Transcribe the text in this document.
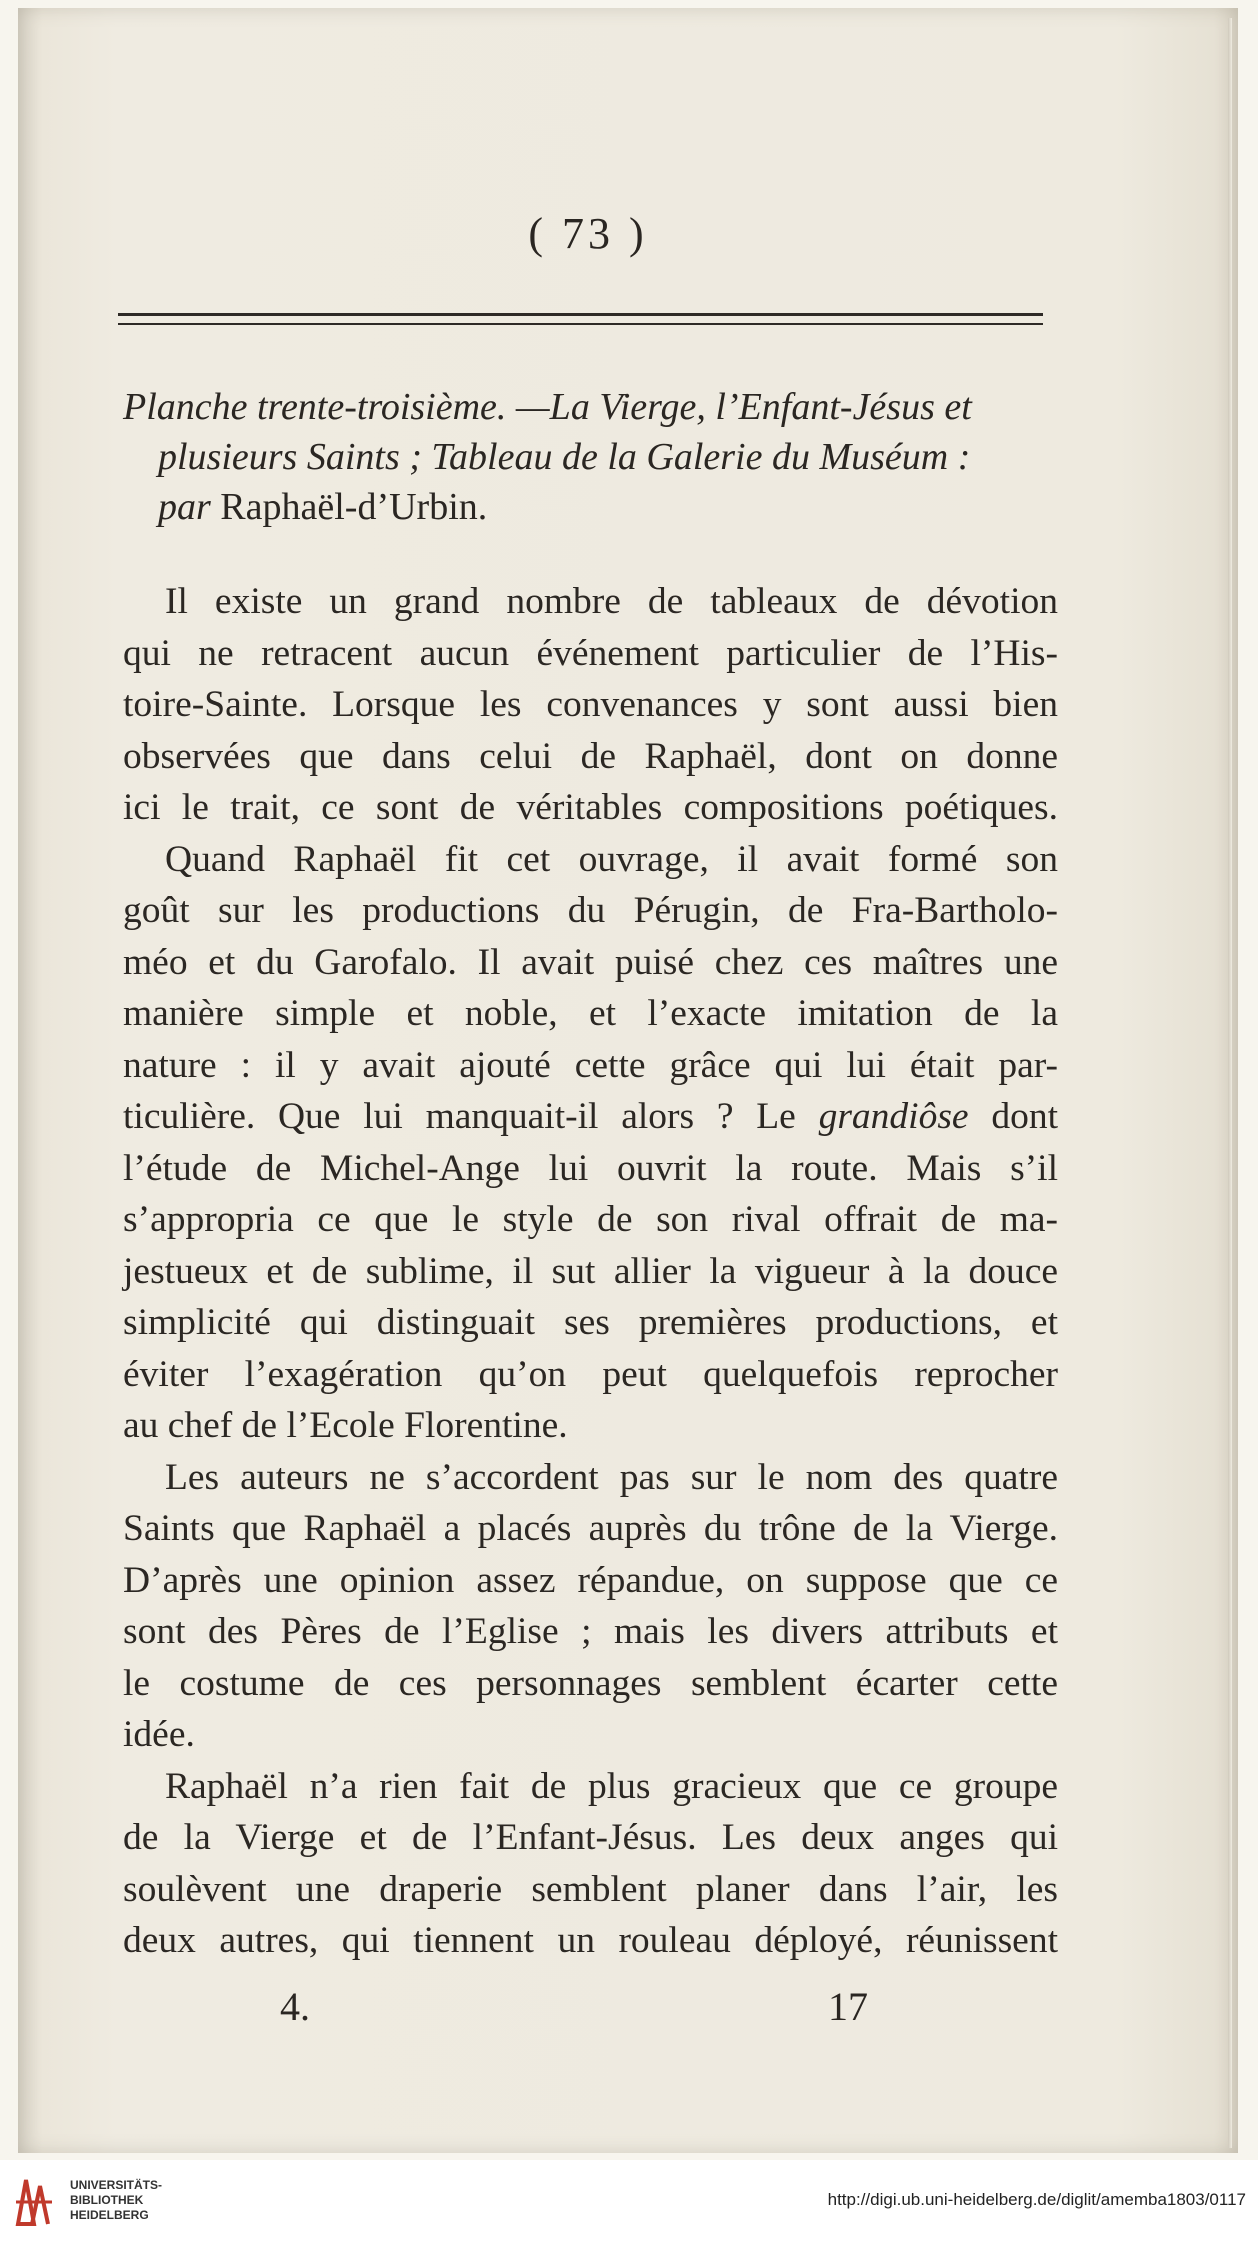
( 73 )
Planche trente-troisième. —La Vierge, l’Enfant-Jésus et
plusieurs Saints ; Tableau de la Galerie du Muséum :
par Raphaël-d’Urbin.
Il existe un grand nombre de tableaux de dévotion
qui ne retracent aucun événement particulier de l’His-
toire-Sainte. Lorsque les convenances y sont aussi bien
observées que dans celui de Raphaël, dont on donne
ici le trait, ce sont de véritables compositions poétiques.
Quand Raphaël fit cet ouvrage, il avait formé son
goût sur les productions du Pérugin, de Fra-Bartholo-
méo et du Garofalo. Il avait puisé chez ces maîtres une
manière simple et noble, et l’exacte imitation de la
nature : il y avait ajouté cette grâce qui lui était par-
ticulière. Que lui manquait-il alors ? Le grandiôse dont
l’étude de Michel-Ange lui ouvrit la route. Mais s’il
s’appropria ce que le style de son rival offrait de ma-
jestueux et de sublime, il sut allier la vigueur à la douce
simplicité qui distinguait ses premières productions, et
éviter l’exagération qu’on peut quelquefois reprocher
au chef de l’Ecole Florentine.
Les auteurs ne s’accordent pas sur le nom des quatre
Saints que Raphaël a placés auprès du trône de la Vierge.
D’après une opinion assez répandue, on suppose que ce
sont des Pères de l’Eglise ; mais les divers attributs et
le costume de ces personnages semblent écarter cette
idée.
Raphaël n’a rien fait de plus gracieux que ce groupe
de la Vierge et de l’Enfant-Jésus. Les deux anges qui
soulèvent une draperie semblent planer dans l’air, les
deux autres, qui tiennent un rouleau déployé, réunissent
4.	17
UNIVERSITÄTS-
BIBLIOTHEK
HEIDELBERG
http://digi.ub.uni-heidelberg.de/diglit/amemba1803/0117
